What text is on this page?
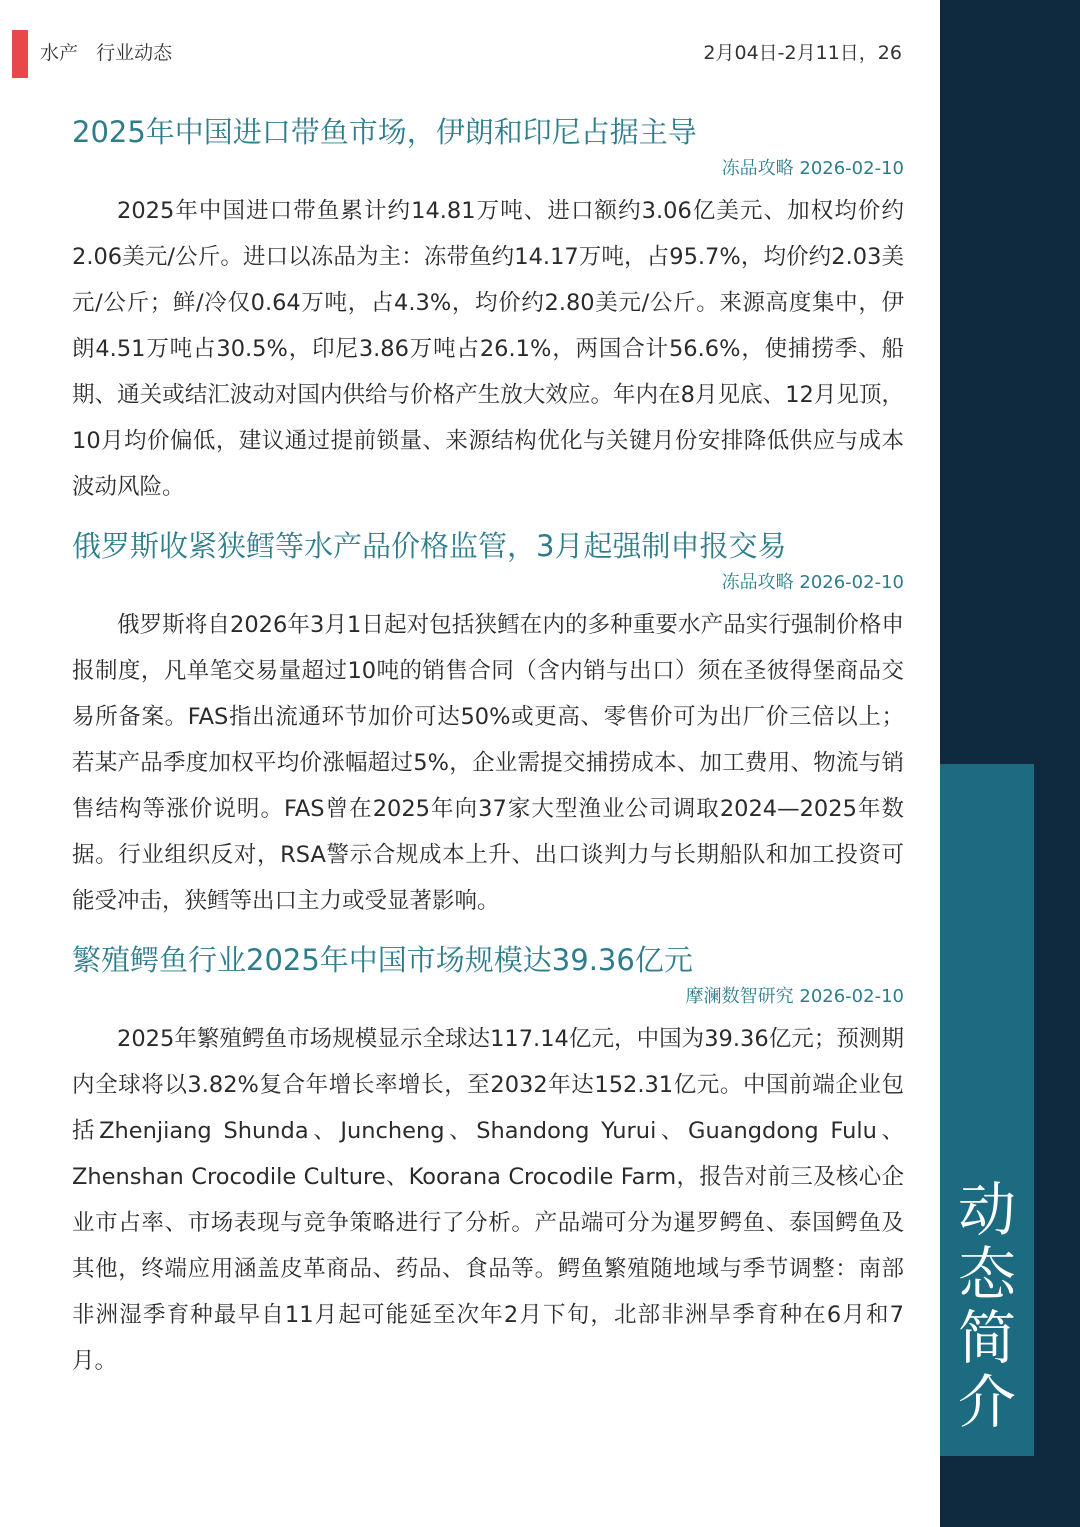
水产 行业动态	2月04日-2月11日，26
动
态
简
介
2025年中国进口带鱼市场，伊朗和印尼占据主导
冻品攻略 2026-02-10

2025年中国进口带鱼累计约14.81万吨、进口额约3.06亿美元、加权均价约2.06美元/公斤。进口以冻品为主：冻带鱼约14.17万吨，占95.7%，均价约2.03美元/公斤；鲜/冷仅0.64万吨，占4.3%，均价约2.80美元/公斤。来源高度集中，伊朗4.51万吨占30.5%，印尼3.86万吨占26.1%，两国合计56.6%，使捕捞季、船期、通关或结汇波动对国内供给与价格产生放大效应。年内在8月见底、12月见顶，10月均价偏低，建议通过提前锁量、来源结构优化与关键月份安排降低供应与成本波动风险。

俄罗斯收紧狭鳕等水产品价格监管，3月起强制申报交易
冻品攻略 2026-02-10

俄罗斯将自2026年3月1日起对包括狭鳕在内的多种重要水产品实行强制价格申报制度，凡单笔交易量超过10吨的销售合同（含内销与出口）须在圣彼得堡商品交易所备案。FAS指出流通环节加价可达50%或更高、零售价可为出厂价三倍以上；若某产品季度加权平均价涨幅超过5%，企业需提交捕捞成本、加工费用、物流与销售结构等涨价说明。FAS曾在2025年向37家大型渔业公司调取2024—2025年数据。行业组织反对，RSA警示合规成本上升、出口谈判力与长期船队和加工投资可能受冲击，狭鳕等出口主力或受显著影响。

繁殖鳄鱼行业2025年中国市场规模达39.36亿元
摩澜数智研究 2026-02-10

2025年繁殖鳄鱼市场规模显示全球达117.14亿元，中国为39.36亿元；预测期内全球将以3.82%复合年增长率增长，至2032年达152.31亿元。中国前端企业包括Zhenjiang Shunda、Juncheng、Shandong Yurui、Guangdong Fulu、Zhenshan Crocodile Culture、Koorana Crocodile Farm，报告对前三及核心企业市占率、市场表现与竞争策略进行了分析。产品端可分为暹罗鳄鱼、泰国鳄鱼及其他，终端应用涵盖皮革商品、药品、食品等。鳄鱼繁殖随地域与季节调整：南部非洲湿季育种最早自11月起可能延至次年2月下旬，北部非洲旱季育种在6月和7月。
